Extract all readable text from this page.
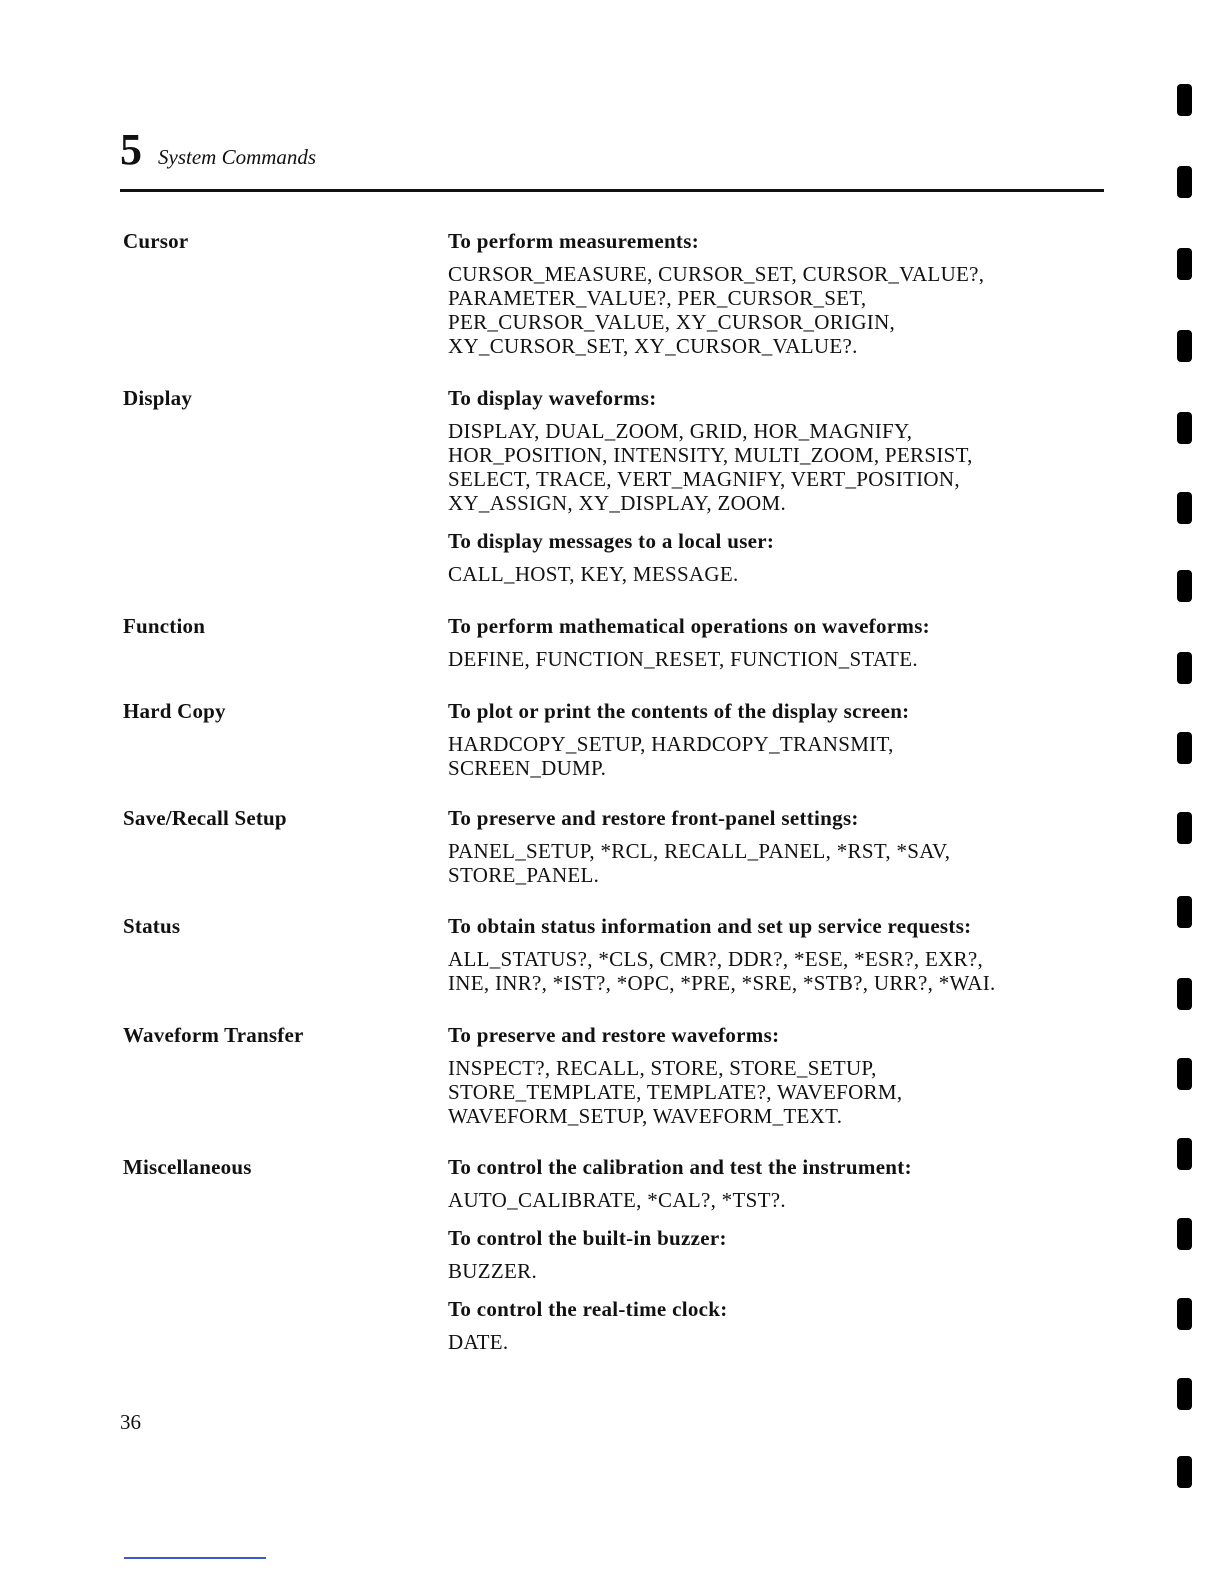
5 System Commands
Cursor	To perform measurements:
CURSOR_MEASURE, CURSOR_SET, CURSOR_VALUE?,
PARAMETER_VALUE?, PER_CURSOR_SET,
PER_CURSOR_VALUE, XY_CURSOR_ORIGIN,
XY_CURSOR_SET, XY_CURSOR_VALUE?.
Display	To display waveforms:
DISPLAY, DUAL_ZOOM, GRID, HOR_MAGNIFY,
HOR_POSITION, INTENSITY, MULTI_ZOOM, PERSIST,
SELECT, TRACE, VERT_MAGNIFY, VERT_POSITION,
XY_ASSIGN, XY_DISPLAY, ZOOM.
To display messages to a local user:
CALL_HOST, KEY, MESSAGE.
Function	To perform mathematical operations on waveforms:
DEFINE, FUNCTION_RESET, FUNCTION_STATE.
Hard Copy	To plot or print the contents of the display screen:
HARDCOPY_SETUP, HARDCOPY_TRANSMIT,
SCREEN_DUMP.
Save/Recall Setup	To preserve and restore front-panel settings:
PANEL_SETUP, *RCL, RECALL_PANEL, *RST, *SAV,
STORE_PANEL.
Status	To obtain status information and set up service requests:
ALL_STATUS?, *CLS, CMR?, DDR?, *ESE, *ESR?, EXR?,
INE, INR?, *IST?, *OPC, *PRE, *SRE, *STB?, URR?, *WAI.
Waveform Transfer	To preserve and restore waveforms:
INSPECT?, RECALL, STORE, STORE_SETUP,
STORE_TEMPLATE, TEMPLATE?, WAVEFORM,
WAVEFORM_SETUP, WAVEFORM_TEXT.
Miscellaneous	To control the calibration and test the instrument:
AUTO_CALIBRATE, *CAL?, *TST?.
To control the built-in buzzer:
BUZZER.
To control the real-time clock:
DATE.
36
